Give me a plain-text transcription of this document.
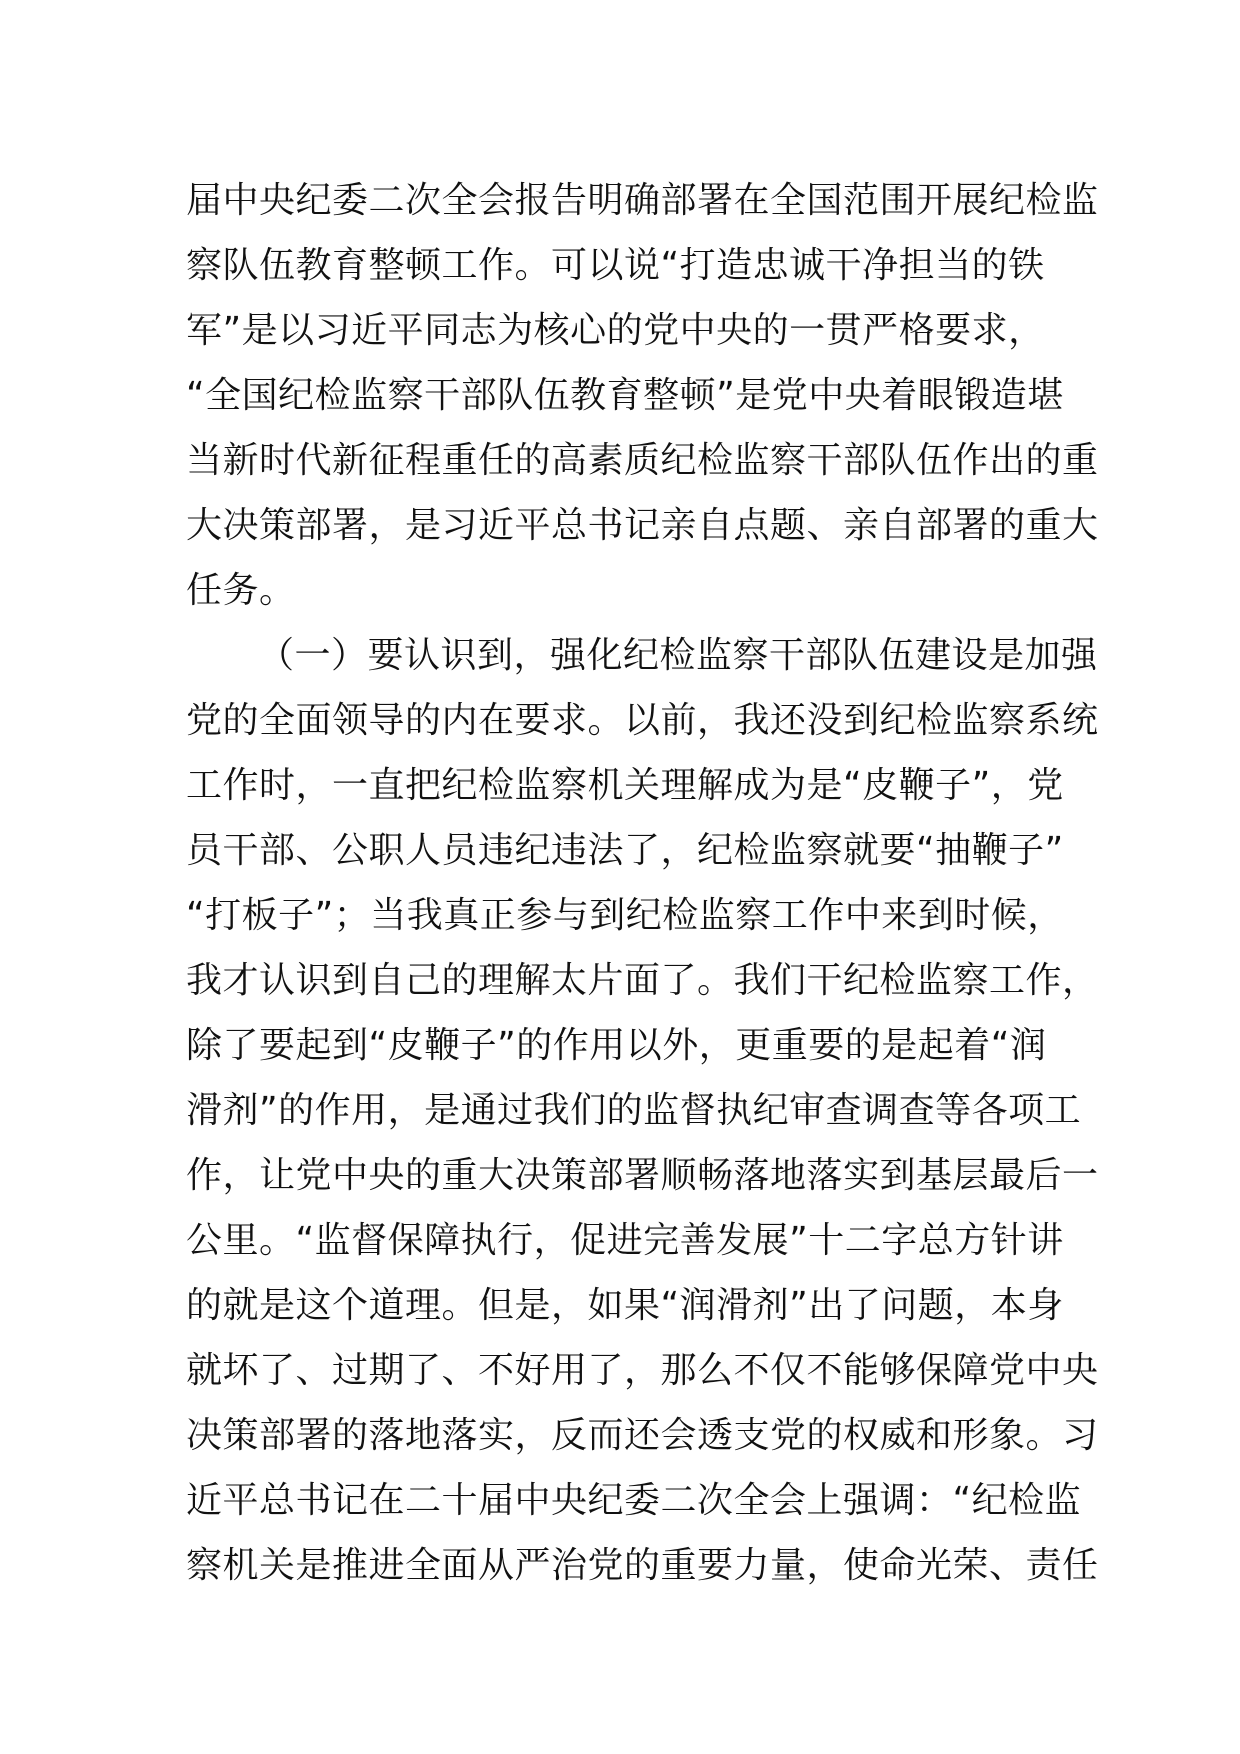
届中央纪委二次全会报告明确部署在全国范围开展纪检监
察队伍教育整顿工作。可以说“打造忠诚干净担当的铁
军”是以习近平同志为核心的党中央的一贯严格要求，
“全国纪检监察干部队伍教育整顿”是党中央着眼锻造堪
当新时代新征程重任的高素质纪检监察干部队伍作出的重
大决策部署，是习近平总书记亲自点题、亲自部署的重大
任务。
（一）要认识到，强化纪检监察干部队伍建设是加强
党的全面领导的内在要求。以前，我还没到纪检监察系统
工作时，一直把纪检监察机关理解成为是“皮鞭子”，党
员干部、公职人员违纪违法了，纪检监察就要“抽鞭子”
“打板子”；当我真正参与到纪检监察工作中来到时候，
我才认识到自己的理解太片面了。我们干纪检监察工作，
除了要起到“皮鞭子”的作用以外，更重要的是起着“润
滑剂”的作用，是通过我们的监督执纪审查调查等各项工
作，让党中央的重大决策部署顺畅落地落实到基层最后一
公里。“监督保障执行，促进完善发展”十二字总方针讲
的就是这个道理。但是，如果“润滑剂”出了问题，本身
就坏了、过期了、不好用了，那么不仅不能够保障党中央
决策部署的落地落实，反而还会透支党的权威和形象。习
近平总书记在二十届中央纪委二次全会上强调：“纪检监
察机关是推进全面从严治党的重要力量，使命光荣、责任
